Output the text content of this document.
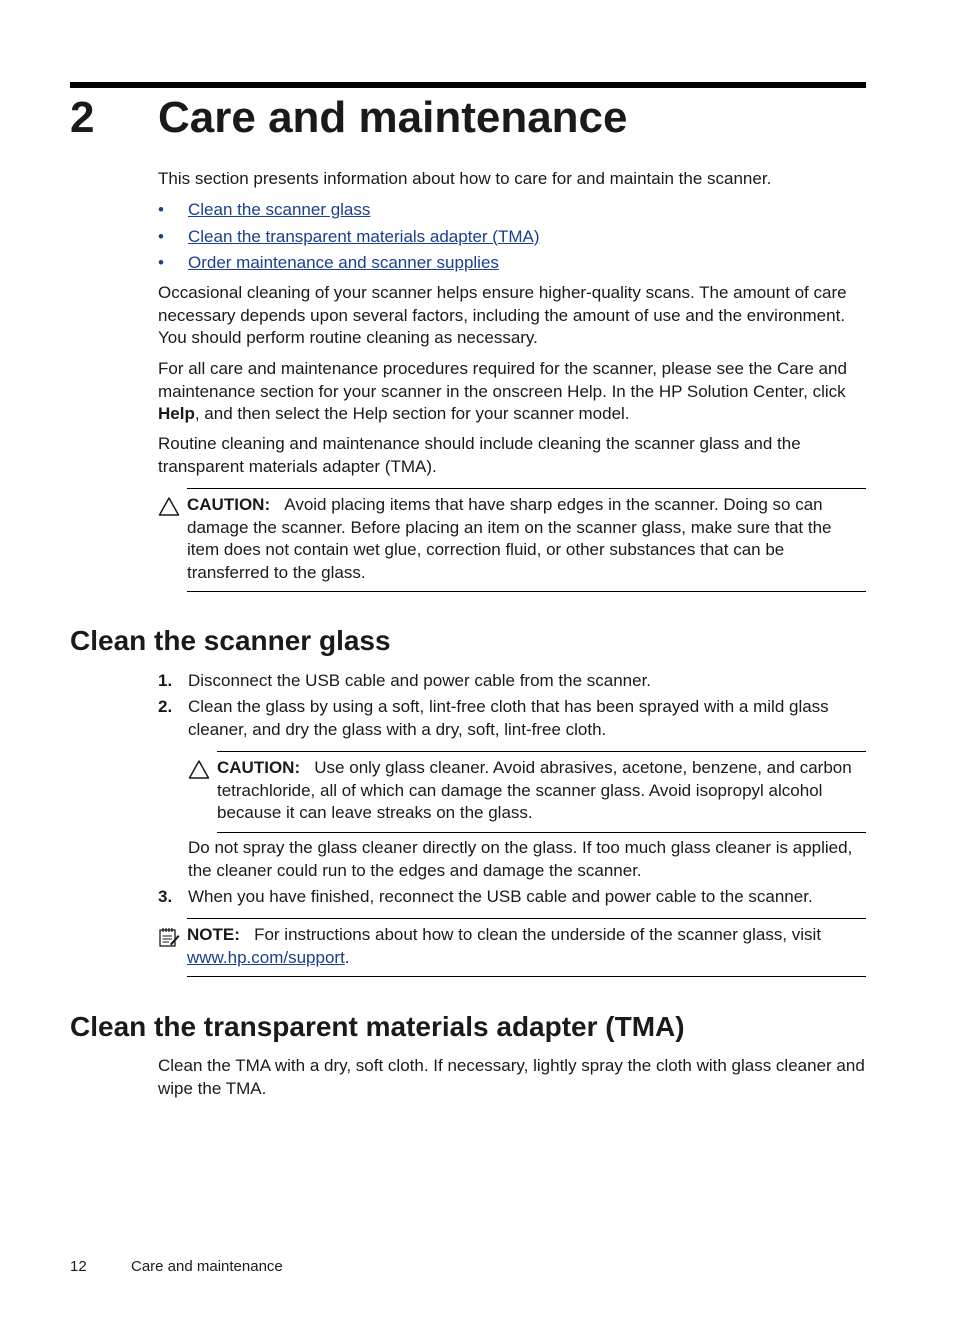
2 Care and maintenance
This section presents information about how to care for and maintain the scanner.
• Clean the scanner glass
• Clean the transparent materials adapter (TMA)
• Order maintenance and scanner supplies
Occasional cleaning of your scanner helps ensure higher-quality scans. The amount of care necessary depends upon several factors, including the amount of use and the environment. You should perform routine cleaning as necessary.
For all care and maintenance procedures required for the scanner, please see the Care and maintenance section for your scanner in the onscreen Help. In the HP Solution Center, click Help, and then select the Help section for your scanner model.
Routine cleaning and maintenance should include cleaning the scanner glass and the transparent materials adapter (TMA).
CAUTION: Avoid placing items that have sharp edges in the scanner. Doing so can damage the scanner. Before placing an item on the scanner glass, make sure that the item does not contain wet glue, correction fluid, or other substances that can be transferred to the glass.
Clean the scanner glass
1. Disconnect the USB cable and power cable from the scanner.
2. Clean the glass by using a soft, lint-free cloth that has been sprayed with a mild glass cleaner, and dry the glass with a dry, soft, lint-free cloth.
3. When you have finished, reconnect the USB cable and power cable to the scanner.
CAUTION: Use only glass cleaner. Avoid abrasives, acetone, benzene, and carbon tetrachloride, all of which can damage the scanner glass. Avoid isopropyl alcohol because it can leave streaks on the glass.
Do not spray the glass cleaner directly on the glass. If too much glass cleaner is applied, the cleaner could run to the edges and damage the scanner.
NOTE: For instructions about how to clean the underside of the scanner glass, visit www.hp.com/support.
Clean the transparent materials adapter (TMA)
Clean the TMA with a dry, soft cloth. If necessary, lightly spray the cloth with glass cleaner and wipe the TMA.
12	Care and maintenance
